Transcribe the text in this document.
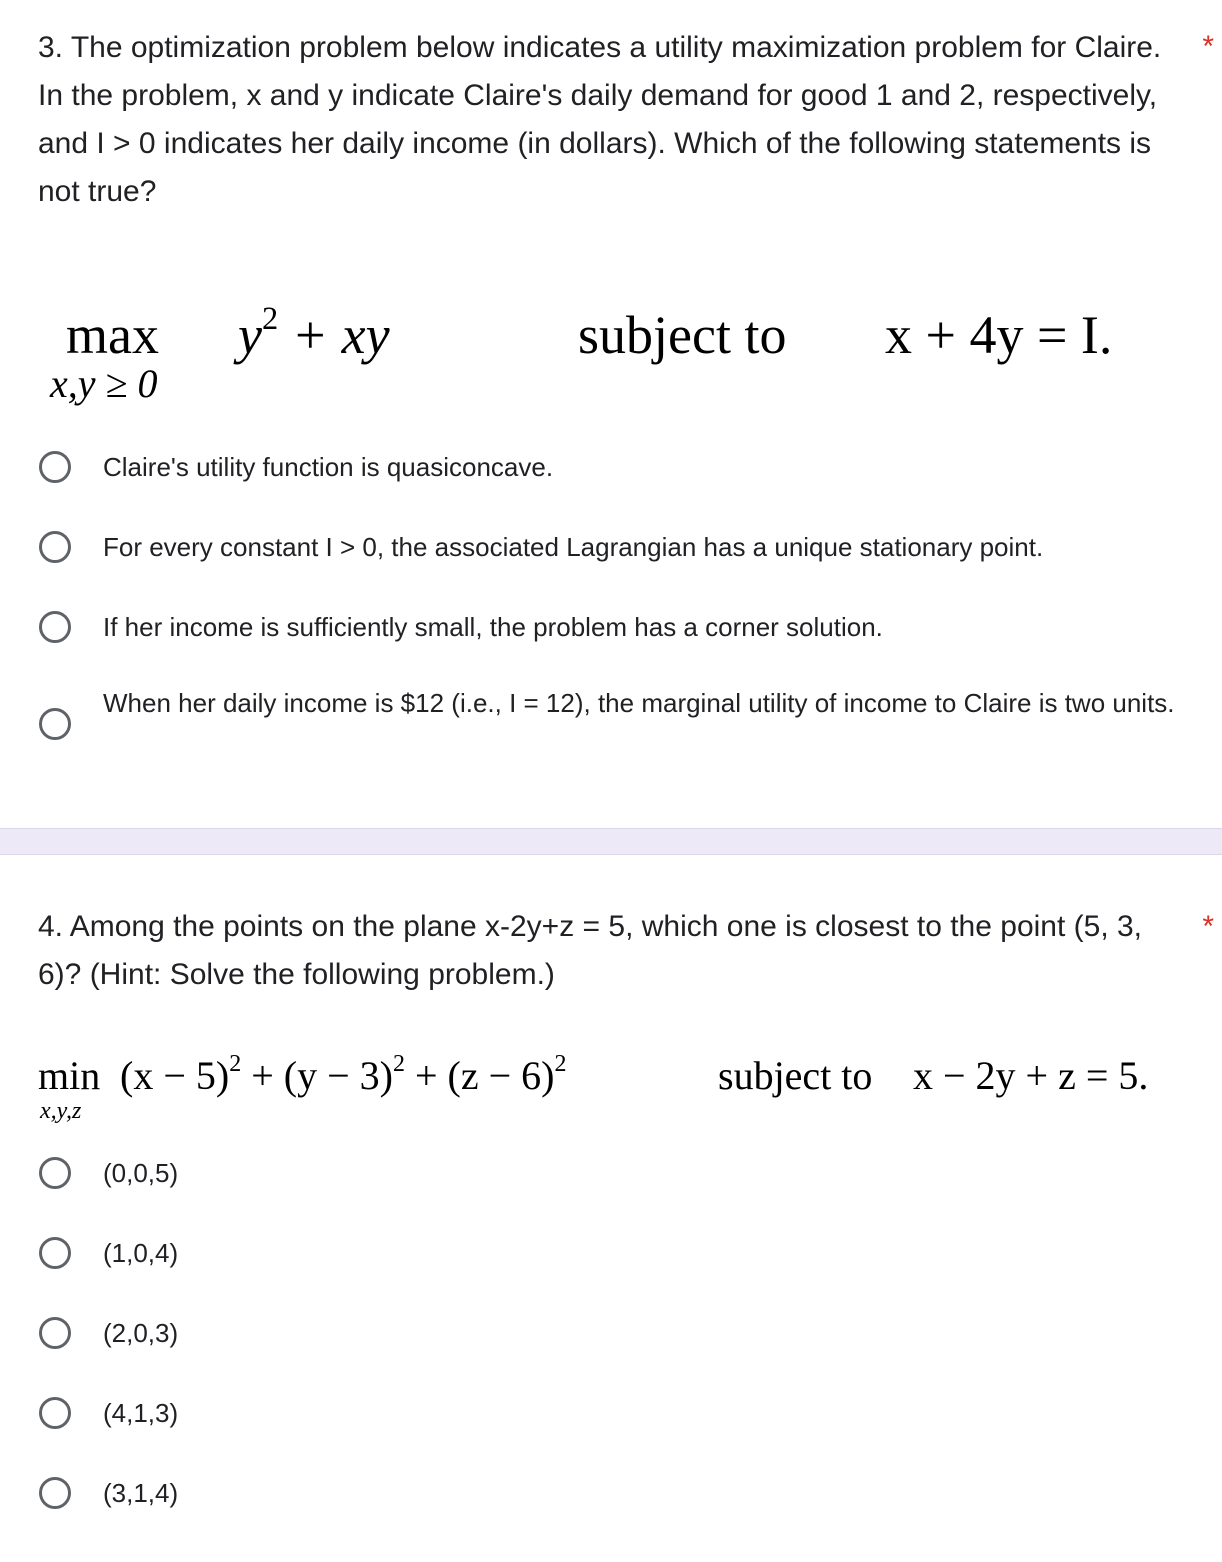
3. The optimization problem below indicates a utility maximization problem for Claire. In the problem, x and y indicate Claire's daily demand for good 1 and 2, respectively, and I > 0 indicates her daily income (in dollars). Which of the following statements is not true?

*
max
x,y ≥ 0
$y^2$ + xy	subject to x + 4y = I.
Claire's utility function is quasiconcave.
For every constant I > 0, the associated Lagrangian has a unique stationary point.
If her income is sufficiently small, the problem has a corner solution.
When her daily income is $12 (i.e., I = 12), the marginal utility of income to Claire is two units.

4. Among the points on the plane x-2y+z = 5, which one is closest to the point (5, 3, 6)? (Hint: Solve the following problem.)

*
min
x,y,z
$(x - 5)^2 + (y - 3)^2 + (z - 6)^2$	subject to x − 2y + z = 5.
(0,0,5)
(1,0,4)
(2,0,3)
(4,1,3)
(3,1,4)
